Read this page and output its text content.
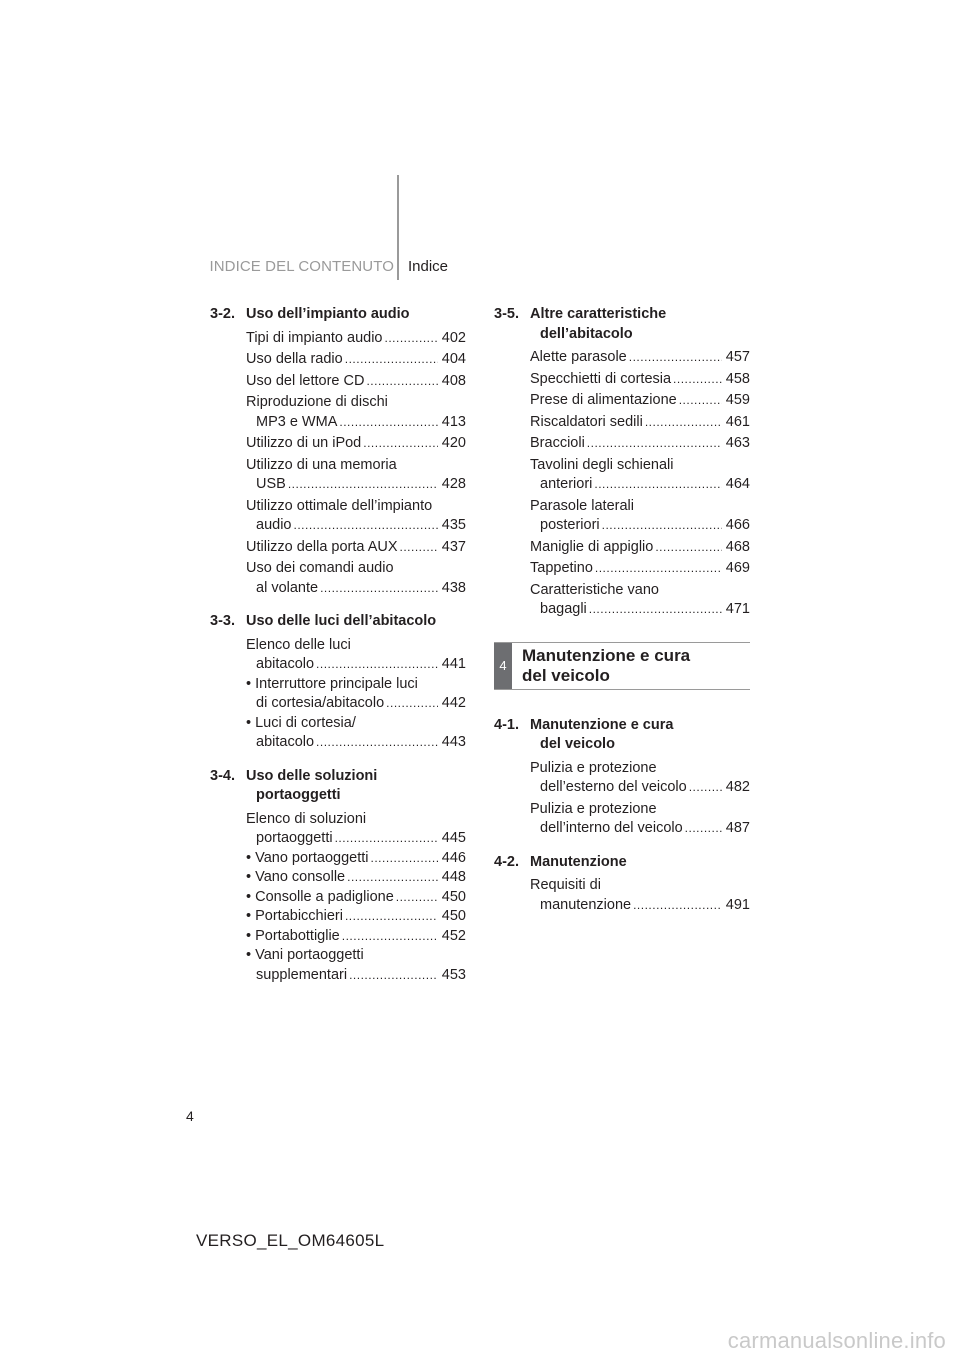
INDICE DEL CONTENUTO Indice
3-2. Uso dell’impianto audio
Tipi di impianto audio .....	402
Uso della radio .....	404
Uso del lettore CD .....	408
Riproduzione di dischi
MP3 e WMA .....	413
Utilizzo di un iPod .....	420
Utilizzo di una memoria
USB .....	428
Utilizzo ottimale dell’impianto
audio .....	435
Utilizzo della porta AUX .....	437
Uso dei comandi audio
al volante .....	438
3-3. Uso delle luci dell’abitacolo
Elenco delle luci
abitacolo .....	441
• Interruttore principale luci
di cortesia/abitacolo .....	442
• Luci di cortesia/
abitacolo .....	443
3-4. Uso delle soluzioni
portaoggetti
Elenco di soluzioni
portaoggetti .....	445
• Vano portaoggetti .....	446
• Vano consolle .....	448
• Consolle a padiglione .....	450
• Portabicchieri .....	450
• Portabottiglie .....	452
• Vani portaoggetti
supplementari .....	453
3-5. Altre caratteristiche
dell’abitacolo
Alette parasole .....	457
Specchietti di cortesia .....	458
Prese di alimentazione .....	459
Riscaldatori sedili .....	461
Braccioli .....	463
Tavolini degli schienali
anteriori .....	464
Parasole laterali
posteriori .....	466
Maniglie di appiglio .....	468
Tappetino .....	469
Caratteristiche vano
bagagli .....	471
4
Manutenzione e cura
del veicolo
4-1. Manutenzione e cura
del veicolo
Pulizia e protezione
dell’esterno del veicolo .....	482
Pulizia e protezione
dell’interno del veicolo .....	487
4-2. Manutenzione
Requisiti di
manutenzione .....	491
4
VERSO_EL_OM64605L
carmanualsonline.info
